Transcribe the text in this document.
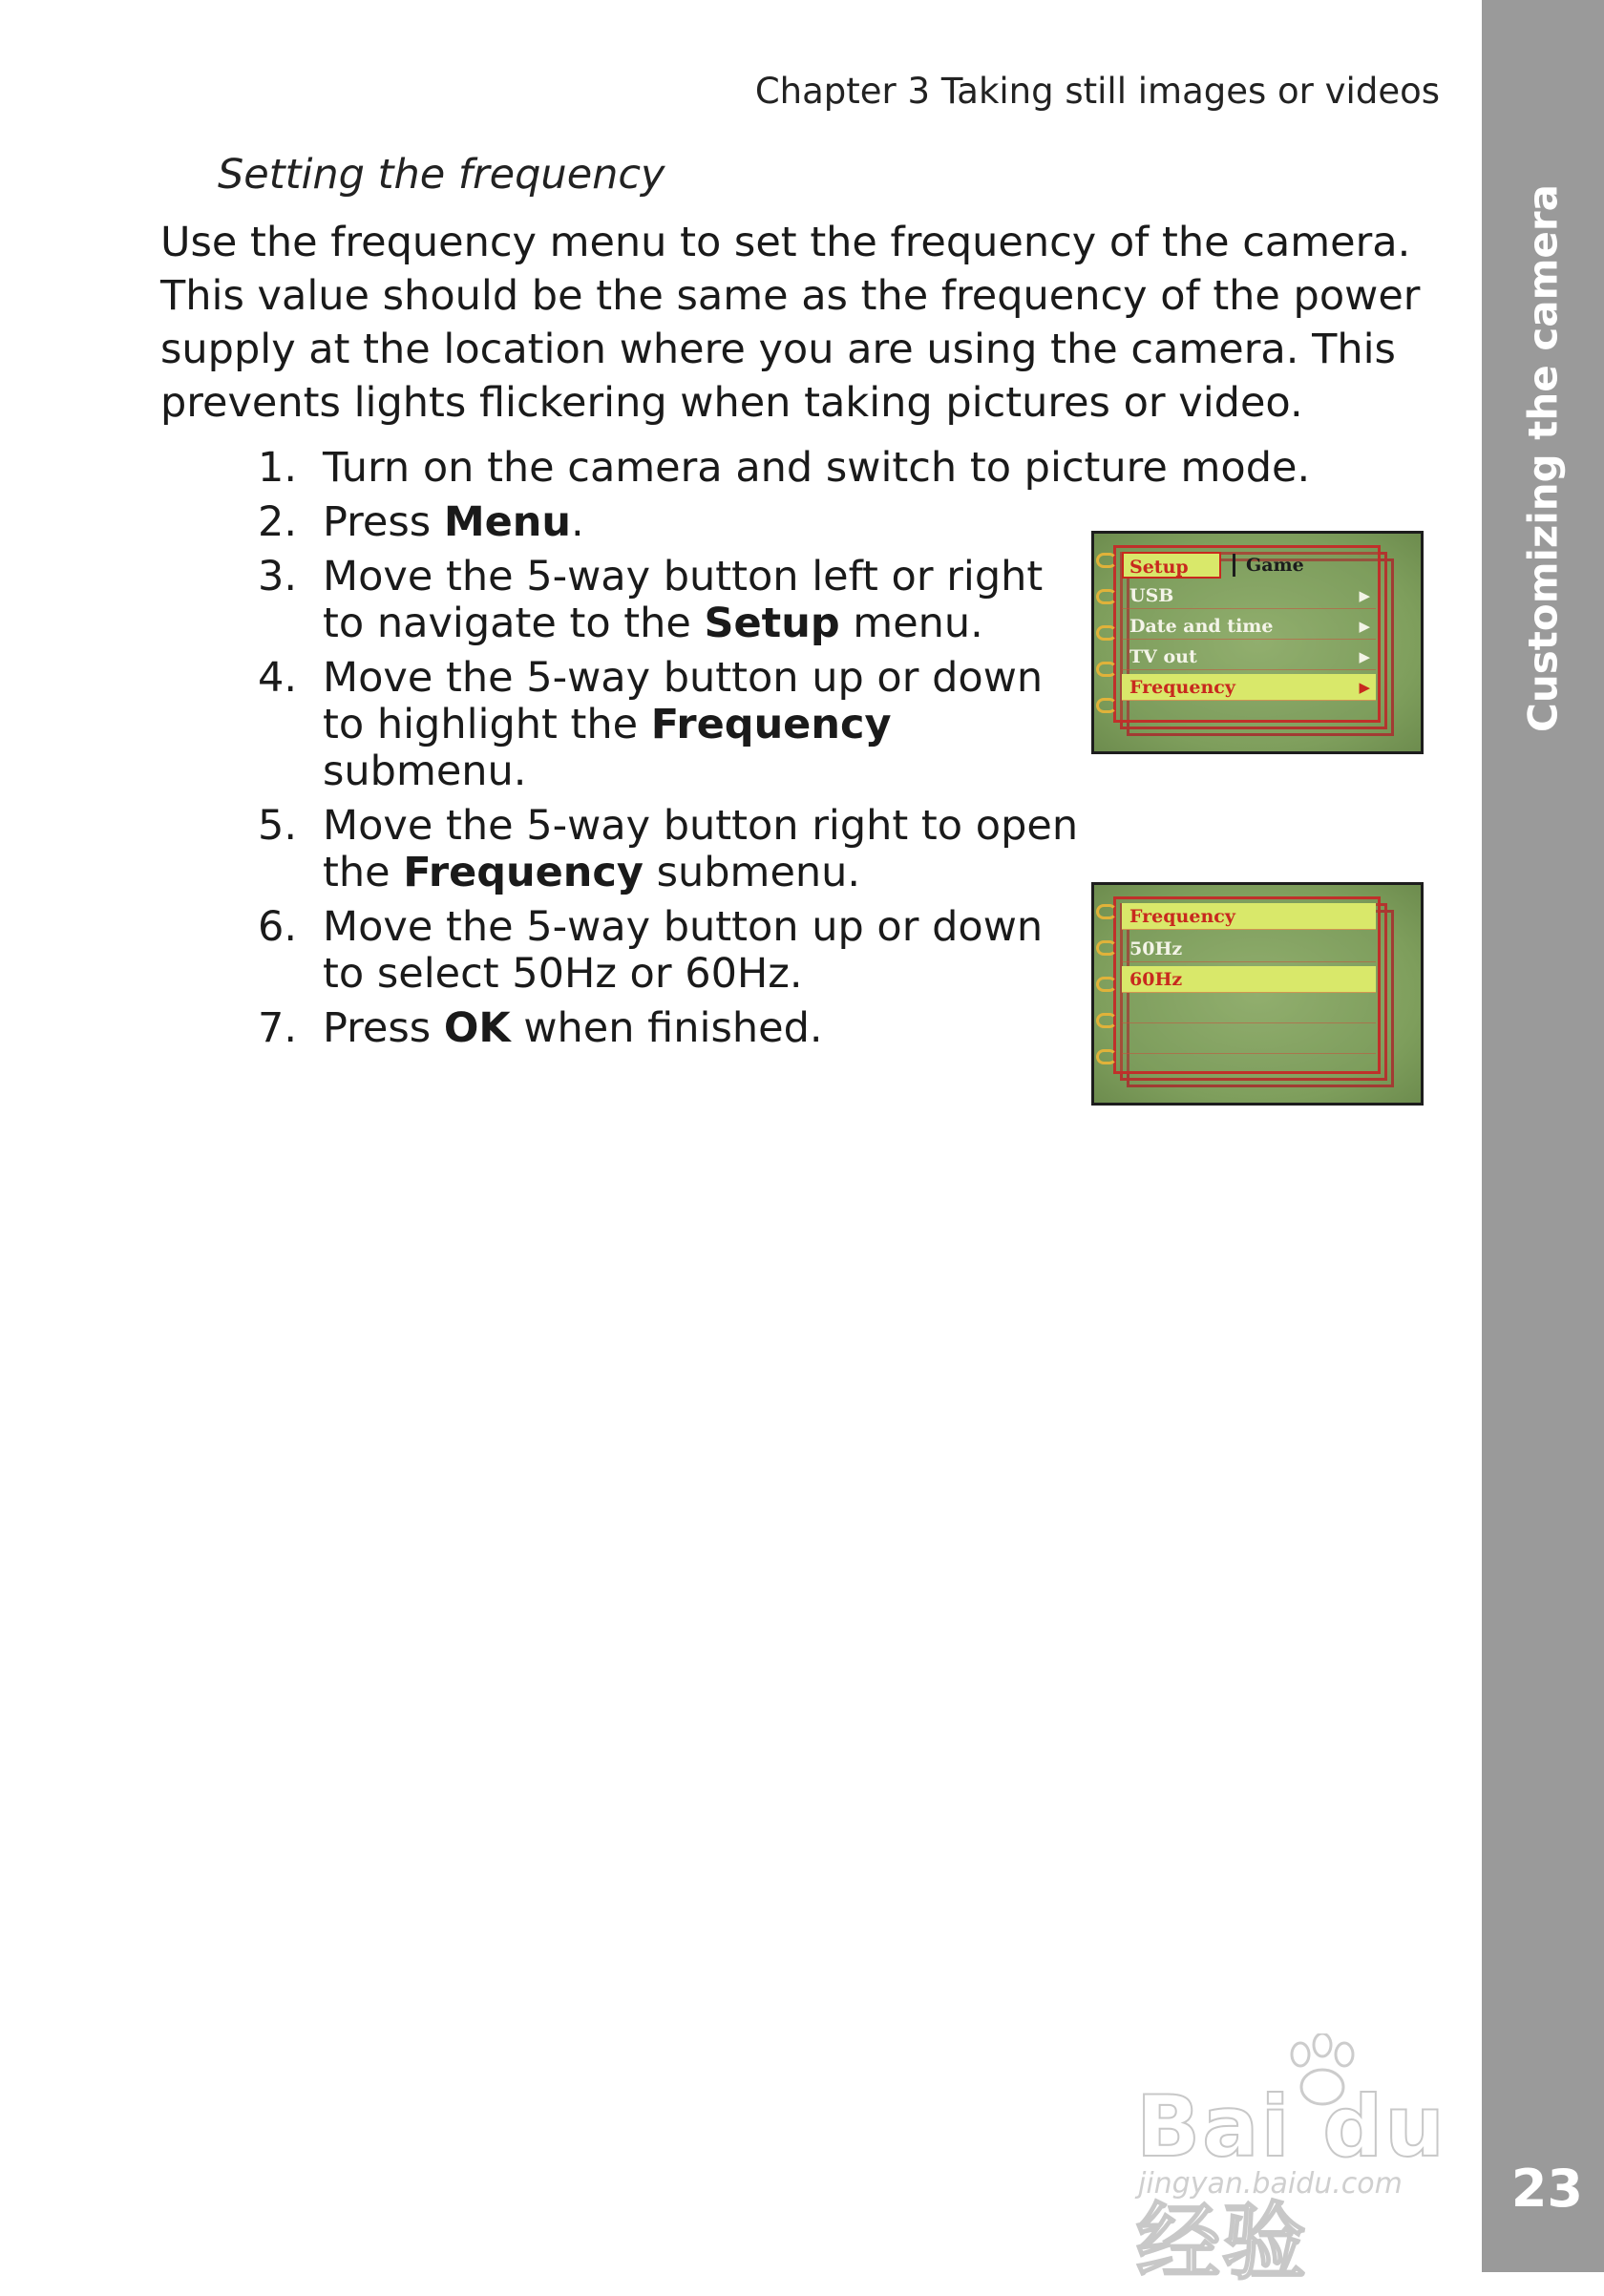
Chapter 3 Taking still images or videos
Setting the frequency

Use the frequency menu to set the frequency of the camera. This value should be the same as the frequency of the power supply at the location where you are using the camera. This prevents lights flickering when taking pictures or video.

1. Turn on the camera and switch to picture mode.
2. Press Menu.
3. Move the 5-way button left or right to navigate to the Setup menu.
4. Move the 5-way button up or down to highlight the Frequency submenu.
5. Move the 5-way button right to open the Frequency submenu.
6. Move the 5-way button up or down to select 50Hz or 60Hz.
7. Press OK when finished.
Setup	Game
USB	▶
Date and time	▶
TV out	▶
Frequency	▶
Frequency
50Hz
60Hz
Customizing the camera
23
Bai du 经验
jingyan.baidu.com
